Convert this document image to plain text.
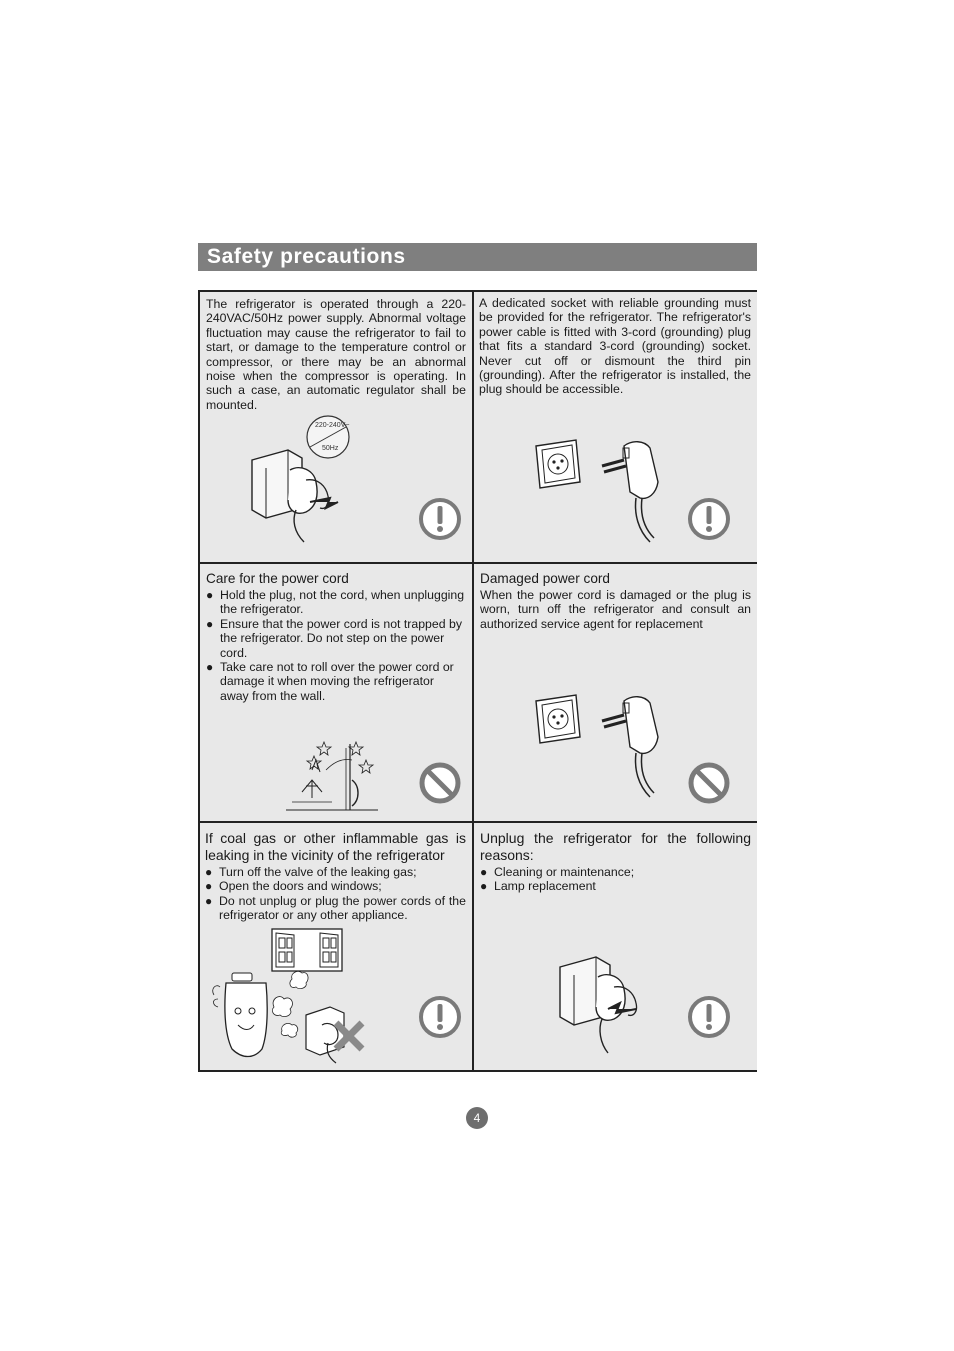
Safety precautions
The refrigerator is operated through a 220-240VAC/50Hz power supply. Abnormal voltage fluctuation may cause the refrigerator to fail to start, or damage to the temperature control or compressor, or there may be an abnormal noise when the compressor is operating. In such a case, an automatic regulator shall be mounted.
220-240V~
50Hz
A dedicated socket with reliable grounding must be provided for the refrigerator. The refrigerator's power cable is fitted with 3-cord (grounding) plug that fits a standard 3-cord (grounding) socket. Never cut off or dismount the third pin (grounding). After the refrigerator is installed, the plug should be accessible.
Care for the power cord
● Hold the plug, not the cord, when unplugging the refrigerator.
● Ensure that the power cord is not trapped by the refrigerator. Do not step on the power cord.
● Take care not to roll over the power cord or damage it when moving the refrigerator away from the wall.
Damaged power cord
When the power cord is damaged or the plug is worn, turn off the refrigerator and consult an authorized service agent for replacement
If coal gas or other inflammable gas is leaking in the vicinity of the refrigerator
● Turn off the valve of the leaking gas;
● Open the doors and windows;
● Do not unplug or plug the power cords of the refrigerator or any other appliance.
Unplug the refrigerator for the following reasons:
● Cleaning or maintenance;
● Lamp replacement
4
